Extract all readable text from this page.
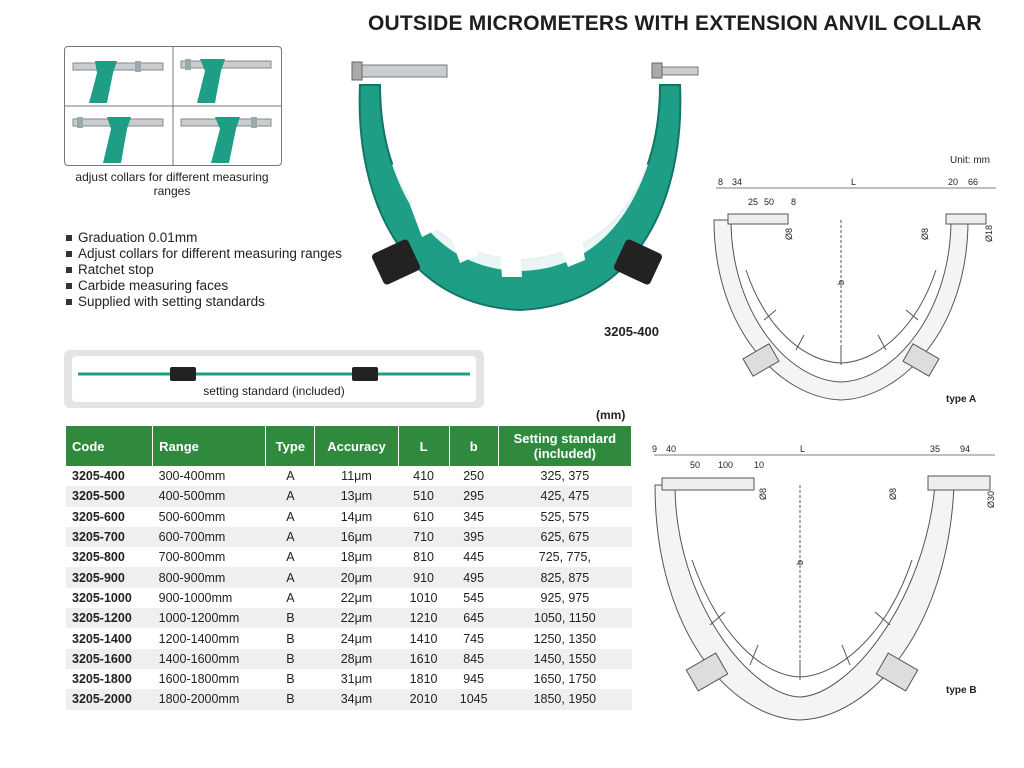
OUTSIDE MICROMETERS WITH EXTENSION ANVIL COLLAR
adjust collars for different measuring ranges
Graduation 0.01mm
Adjust collars for different measuring ranges
Ratchet stop
Carbide measuring faces
Supplied with setting standards
3205-400
setting standard (included)
Unit: mm
8 34
25 50 8
L	20 66
Ø8	Ø8	Ø18
b
type A
9 40
50 100 10
L	35 94
Ø8	Ø8	Ø30
b
type B
(mm)
Code	Range	Type	Accuracy	L	b	Setting standard (included)
3205-400	300-400mm	A	11μm	410	250	325, 375
3205-500	400-500mm	A	13μm	510	295	425, 475
3205-600	500-600mm	A	14μm	610	345	525, 575
3205-700	600-700mm	A	16μm	710	395	625, 675
3205-800	700-800mm	A	18μm	810	445	725, 775,
3205-900	800-900mm	A	20μm	910	495	825, 875
3205-1000	900-1000mm	A	22μm	1010	545	925, 975
3205-1200	1000-1200mm	B	22μm	1210	645	1050, 1150
3205-1400	1200-1400mm	B	24μm	1410	745	1250, 1350
3205-1600	1400-1600mm	B	28μm	1610	845	1450, 1550
3205-1800	1600-1800mm	B	31μm	1810	945	1650, 1750
3205-2000	1800-2000mm	B	34μm	2010	1045	1850, 1950
